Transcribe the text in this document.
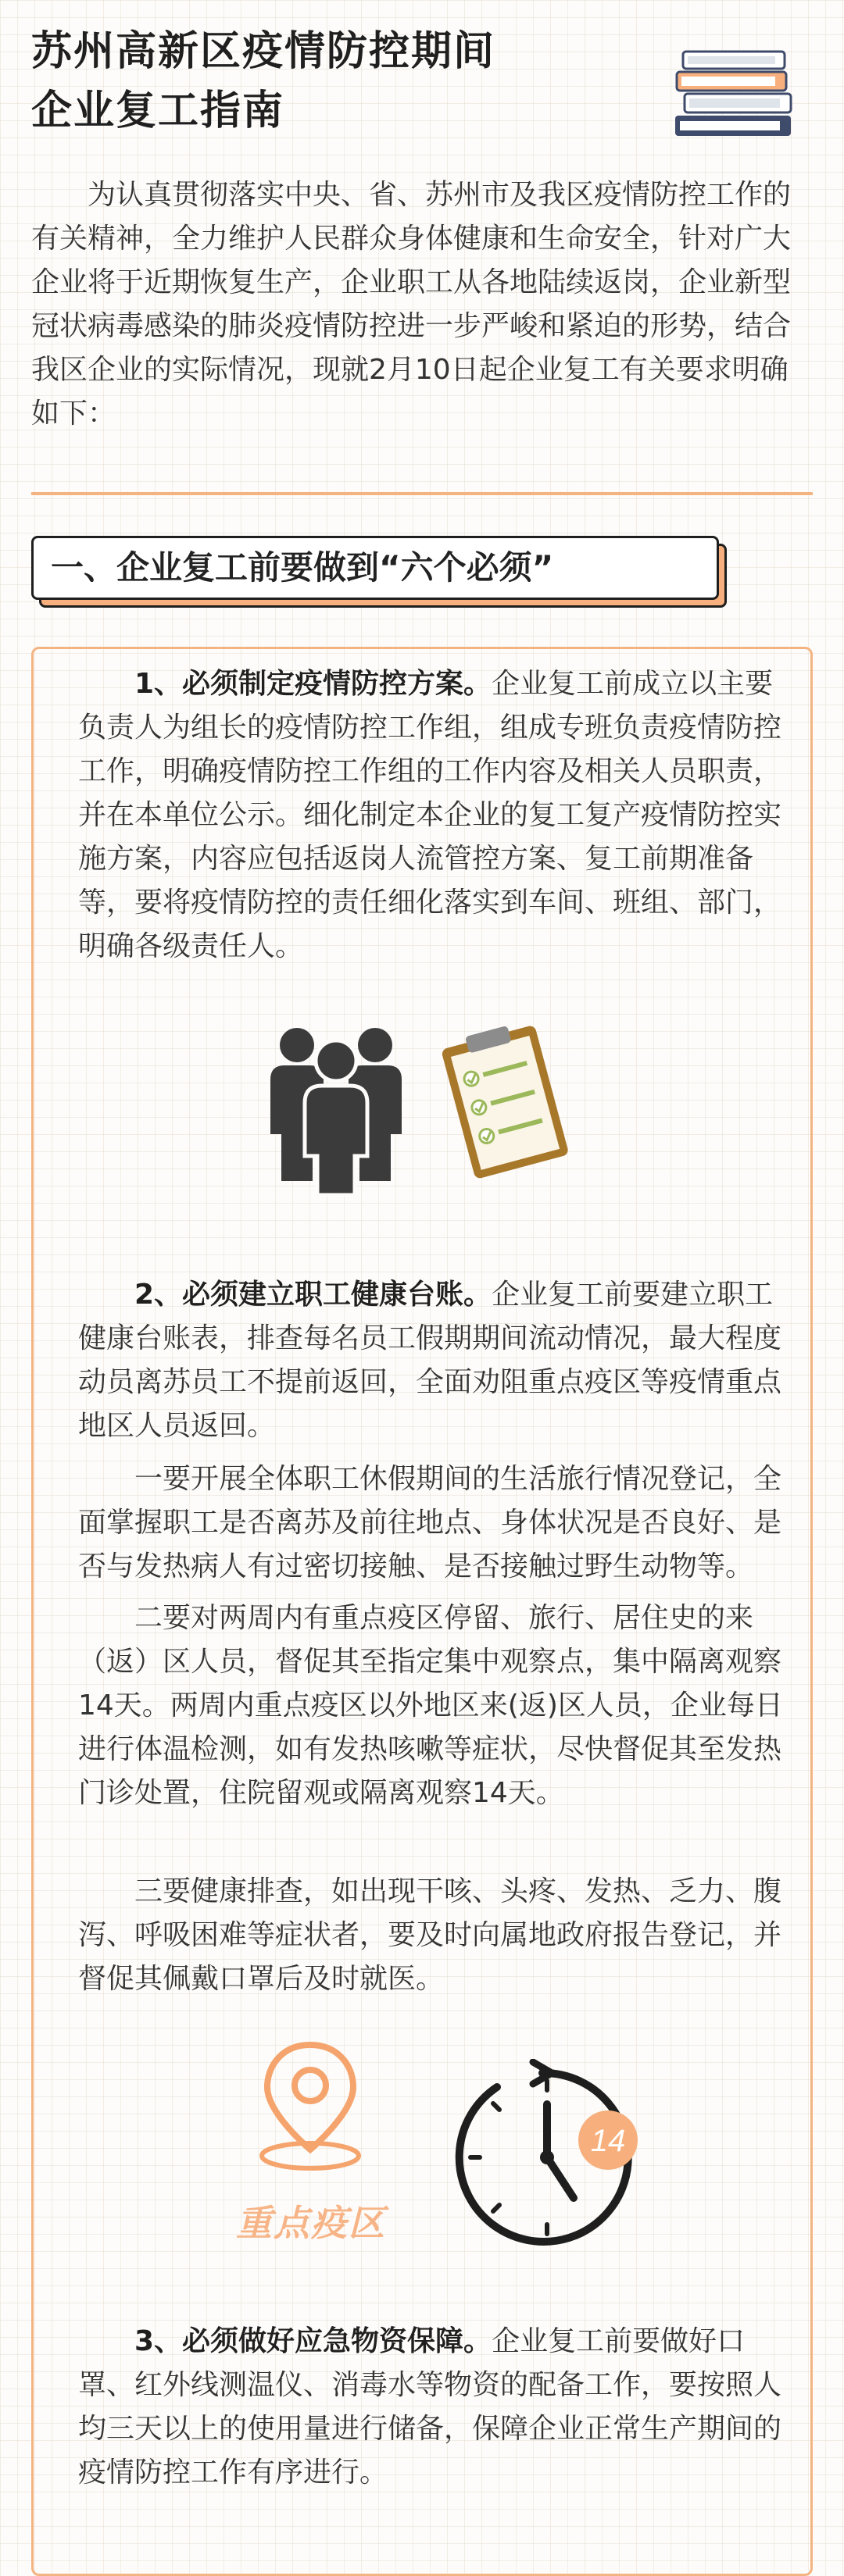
苏州高新区疫情防控期间
企业复工指南
为认真贯彻落实中央、省、苏州市及我区疫情防控工作的有关精神，全力维护人民群众身体健康和生命安全，针对广大企业将于近期恢复生产，企业职工从各地陆续返岗，企业新型冠状病毒感染的肺炎疫情防控进一步严峻和紧迫的形势，结合我区企业的实际情况，现就2月10日起企业复工有关要求明确如下：
一、企业复工前要做到“六个必须”
1、必须制定疫情防控方案。企业复工前成立以主要负责人为组长的疫情防控工作组，组成专班负责疫情防控工作，明确疫情防控工作组的工作内容及相关人员职责，并在本单位公示。细化制定本企业的复工复产疫情防控实施方案，内容应包括返岗人流管控方案、复工前期准备等，要将疫情防控的责任细化落实到车间、班组、部门，明确各级责任人。
2、必须建立职工健康台账。企业复工前要建立职工健康台账表，排查每名员工假期期间流动情况，最大程度动员离苏员工不提前返回，全面劝阻重点疫区等疫情重点地区人员返回。
一要开展全体职工休假期间的生活旅行情况登记，全面掌握职工是否离苏及前往地点、身体状况是否良好、是否与发热病人有过密切接触、是否接触过野生动物等。
二要对两周内有重点疫区停留、旅行、居住史的来（返）区人员，督促其至指定集中观察点，集中隔离观察14天。两周内重点疫区以外地区来(返)区人员，企业每日进行体温检测，如有发热咳嗽等症状，尽快督促其至发热门诊处置，住院留观或隔离观察14天。
三要健康排查，如出现干咳、头疼、发热、乏力、腹泻、呼吸困难等症状者，要及时向属地政府报告登记，并督促其佩戴口罩后及时就医。
重点疫区
14
3、必须做好应急物资保障。企业复工前要做好口罩、红外线测温仪、消毒水等物资的配备工作，要按照人均三天以上的使用量进行储备，保障企业正常生产期间的疫情防控工作有序进行。
